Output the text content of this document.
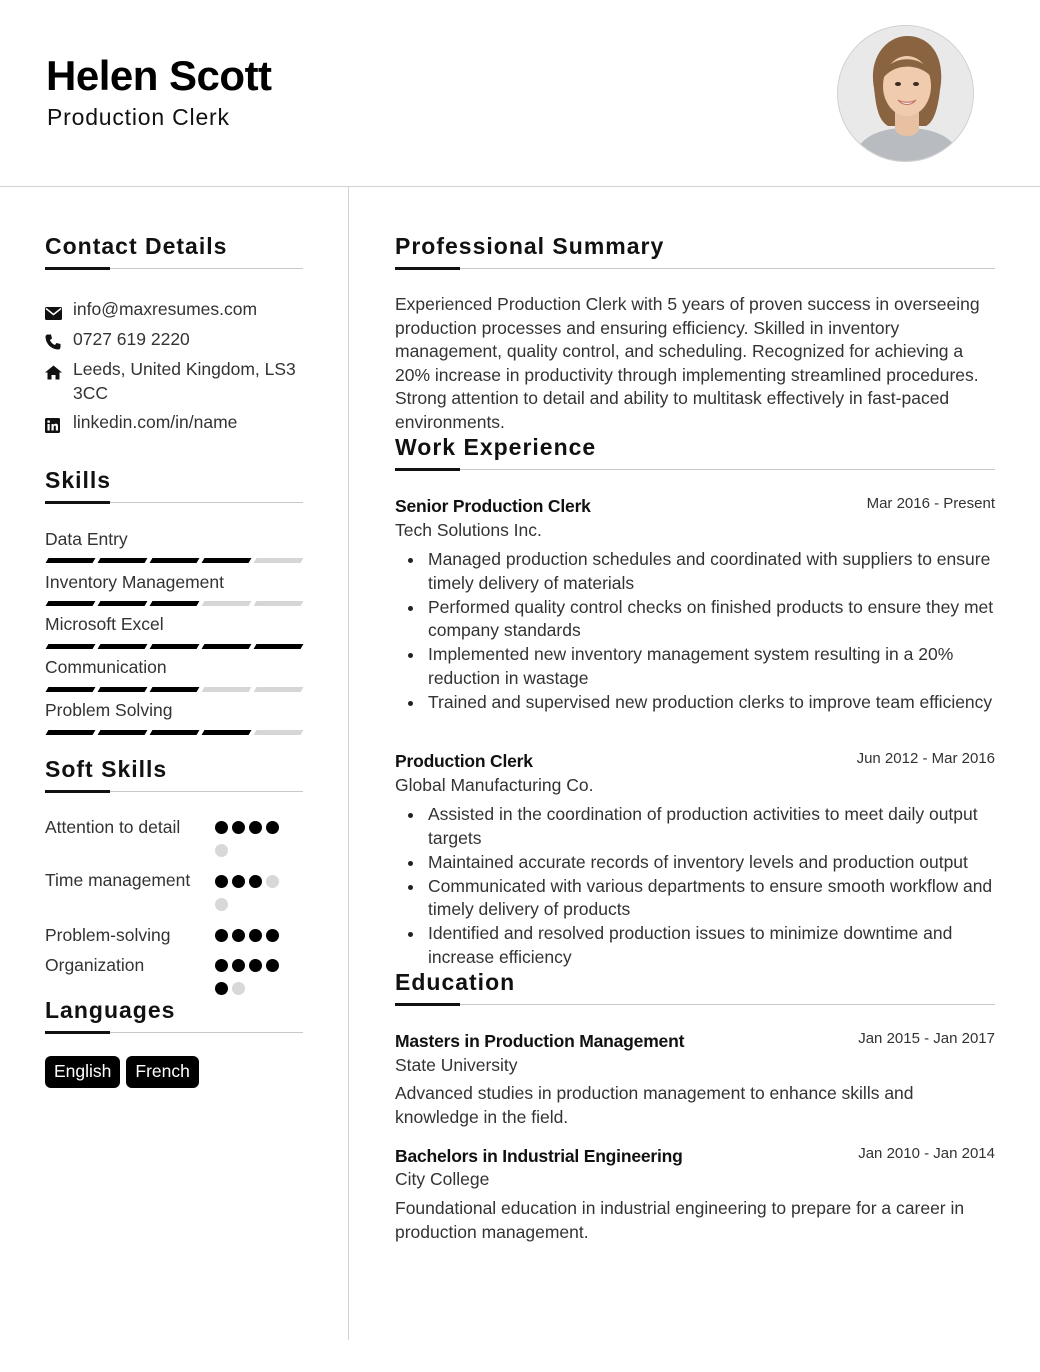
Helen Scott
Production Clerk
Contact Details
info@maxresumes.com
0727 619 2220
Leeds, United Kingdom, LS3 3CC
linkedin.com/in/name
Skills
Data Entry
Inventory Management
Microsoft Excel
Communication
Problem Solving
Soft Skills
Attention to detail
Time management
Problem-solving
Organization
Languages
English	French
Professional Summary
Experienced Production Clerk with 5 years of proven success in overseeing production processes and ensuring efficiency. Skilled in inventory management, quality control, and scheduling. Recognized for achieving a 20% increase in productivity through implementing streamlined procedures. Strong attention to detail and ability to multitask effectively in fast-paced environments.
Work Experience
Senior Production Clerk	Mar 2016 - Present
Tech Solutions Inc.
Managed production schedules and coordinated with suppliers to ensure timely delivery of materials
Performed quality control checks on finished products to ensure they met company standards
Implemented new inventory management system resulting in a 20% reduction in wastage
Trained and supervised new production clerks to improve team efficiency
Production Clerk	Jun 2012 - Mar 2016
Global Manufacturing Co.
Assisted in the coordination of production activities to meet daily output targets
Maintained accurate records of inventory levels and production output
Communicated with various departments to ensure smooth workflow and timely delivery of products
Identified and resolved production issues to minimize downtime and increase efficiency
Education
Masters in Production Management	Jan 2015 - Jan 2017
State University
Advanced studies in production management to enhance skills and knowledge in the field.
Bachelors in Industrial Engineering	Jan 2010 - Jan 2014
City College
Foundational education in industrial engineering to prepare for a career in production management.
